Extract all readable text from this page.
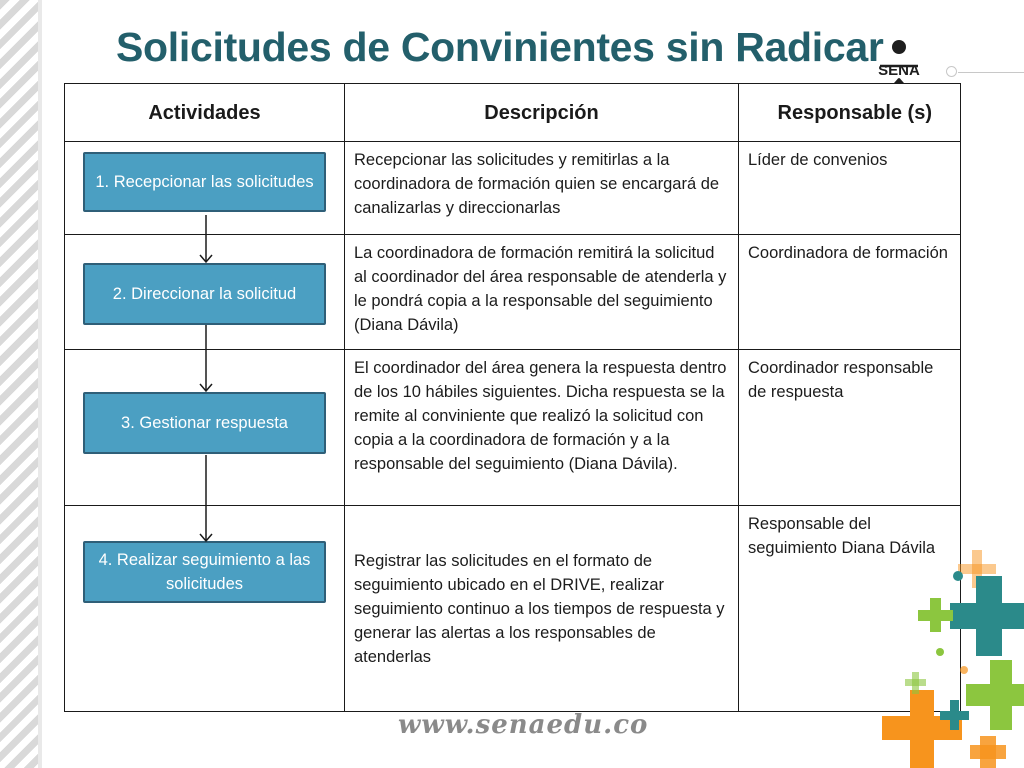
Solicitudes de Convinientes sin Radicar
SENA
Actividades	Descripción	Responsable (s)

1. Recepcionar las solicitudes	Recepcionar las solicitudes y remitirlas a la coordinadora de formación quien se encargará de canalizarlas y direccionarlas	Líder de convenios

2. Direccionar la solicitud	La coordinadora de formación remitirá la solicitud al coordinador del área responsable de atenderla y le pondrá copia a la responsable del seguimiento (Diana Dávila)	Coordinadora de formación

3. Gestionar respuesta	El coordinador del área genera la respuesta dentro de los 10 hábiles siguientes. Dicha respuesta se la remite al conviniente que realizó la solicitud con copia a la coordinadora de formación y a la responsable del seguimiento (Diana Dávila).	Coordinador responsable de respuesta

4. Realizar seguimiento a las solicitudes	Registrar las solicitudes en el formato de seguimiento ubicado en el DRIVE, realizar seguimiento continuo a los tiempos de respuesta y generar las alertas a los responsables de atenderlas	Responsable del seguimiento Diana Dávila
www.senaedu.co
